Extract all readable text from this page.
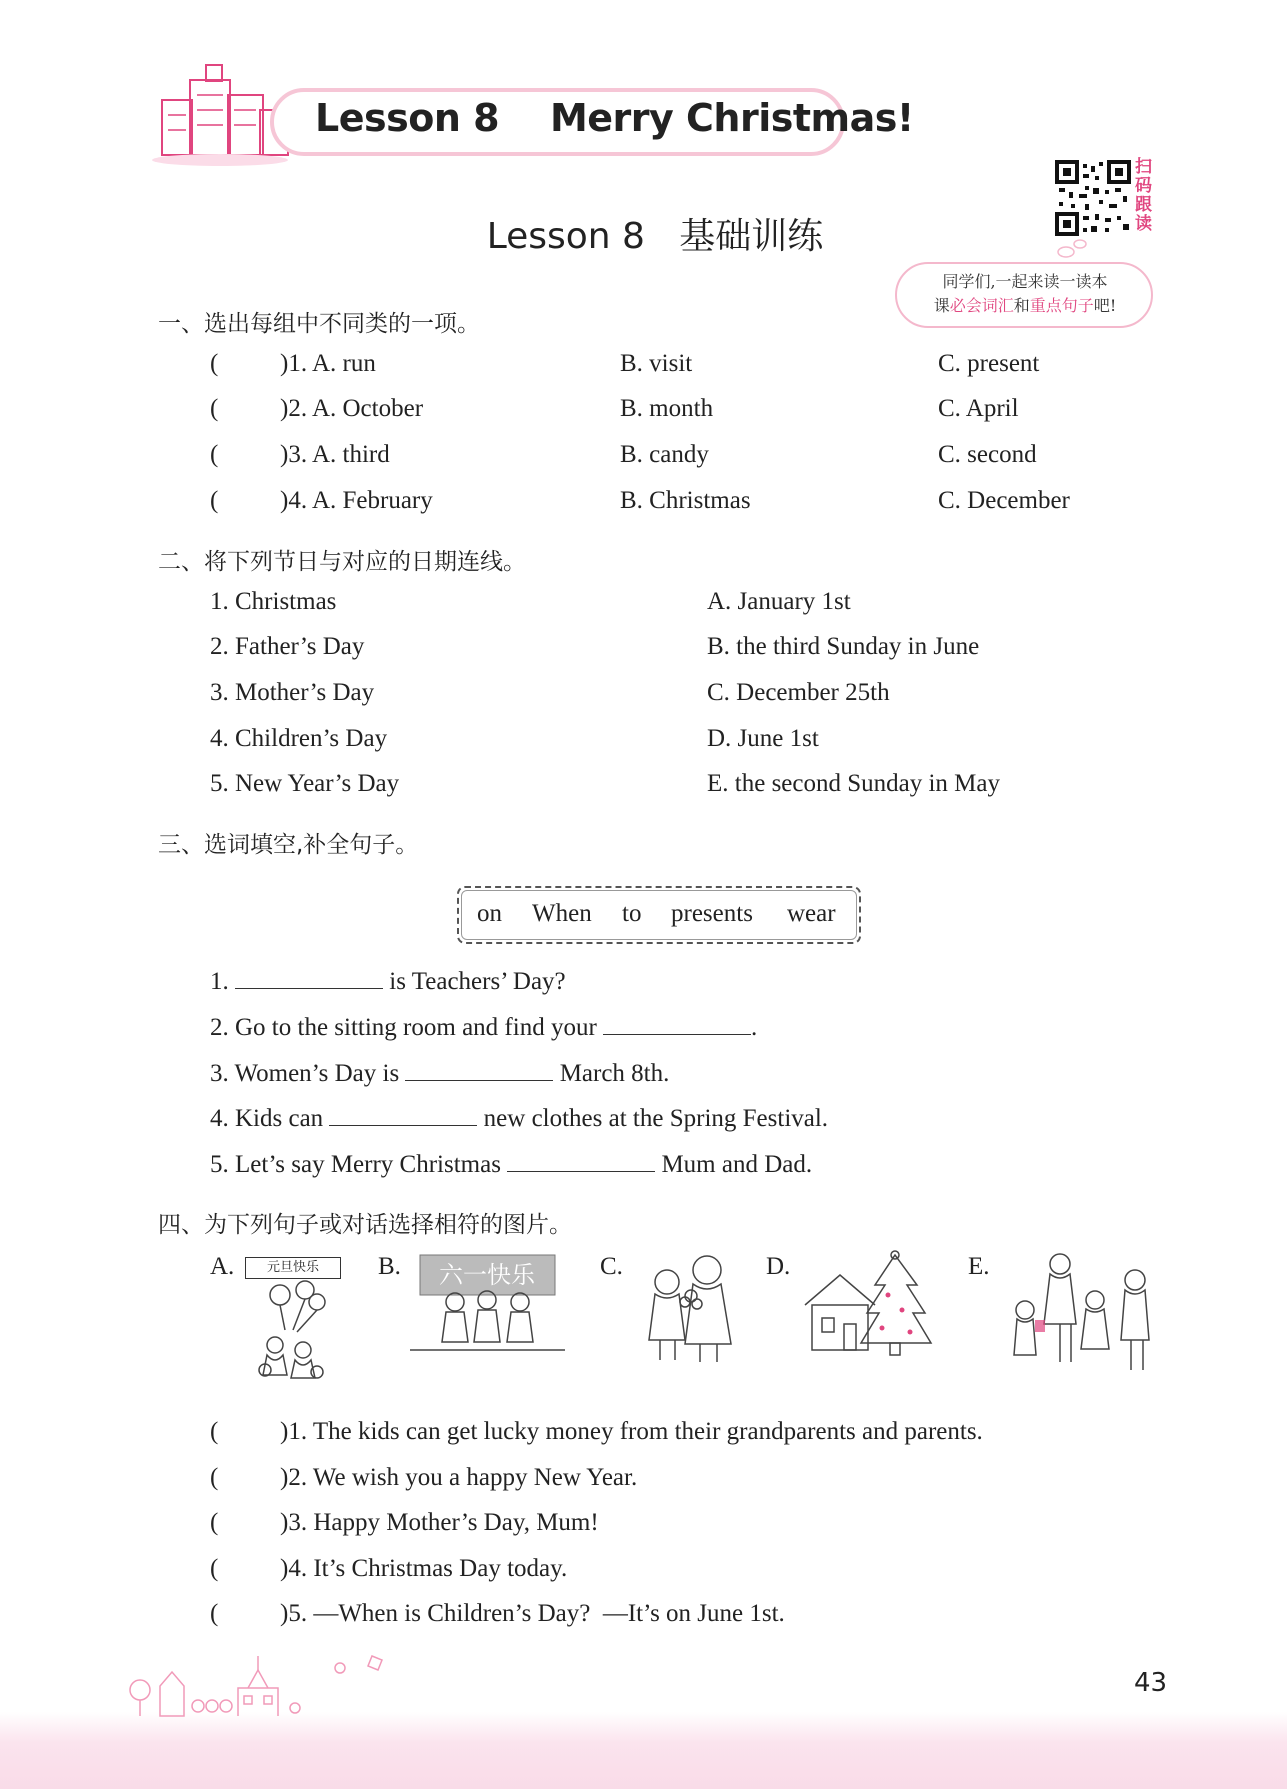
Lesson 8    Merry Christmas!
Lesson 8   基础训练
扫
码
跟
读
同学们,一起来读一读本
课必会词汇和重点句子吧!
一、选出每组中不同类的一项。
( )1. A. run	B. visit	C. present
( )2. A. October	B. month	C. April
( )3. A. third	B. candy	C. second
( )4. A. February	B. Christmas	C. December
二、将下列节日与对应的日期连线。
1. Christmas
2. Father’s Day
3. Mother’s Day
4. Children’s Day
5. New Year’s Day
A. January 1st
B. the third Sunday in June
C. December 25th
D. June 1st
E. the second Sunday in May
三、选词填空,补全句子。
on When to presents wear
1.	is Teachers’ Day?
2. Go to the sitting room and find your	.
3. Women’s Day is	March 8th.
4. Kids can	new clothes at the Spring Festival.
5. Let’s say Merry Christmas	Mum and Dad.
四、为下列句子或对话选择相符的图片。
A.	B.	C.	D.	E.
元旦快乐	六一快乐
( )1. The kids can get lucky money from their grandparents and parents.
( )2. We wish you a happy New Year.
( )3. Happy Mother’s Day, Mum!
( )4. It’s Christmas Day today.
( )5. —When is Children’s Day?  —It’s on June 1st.
43
